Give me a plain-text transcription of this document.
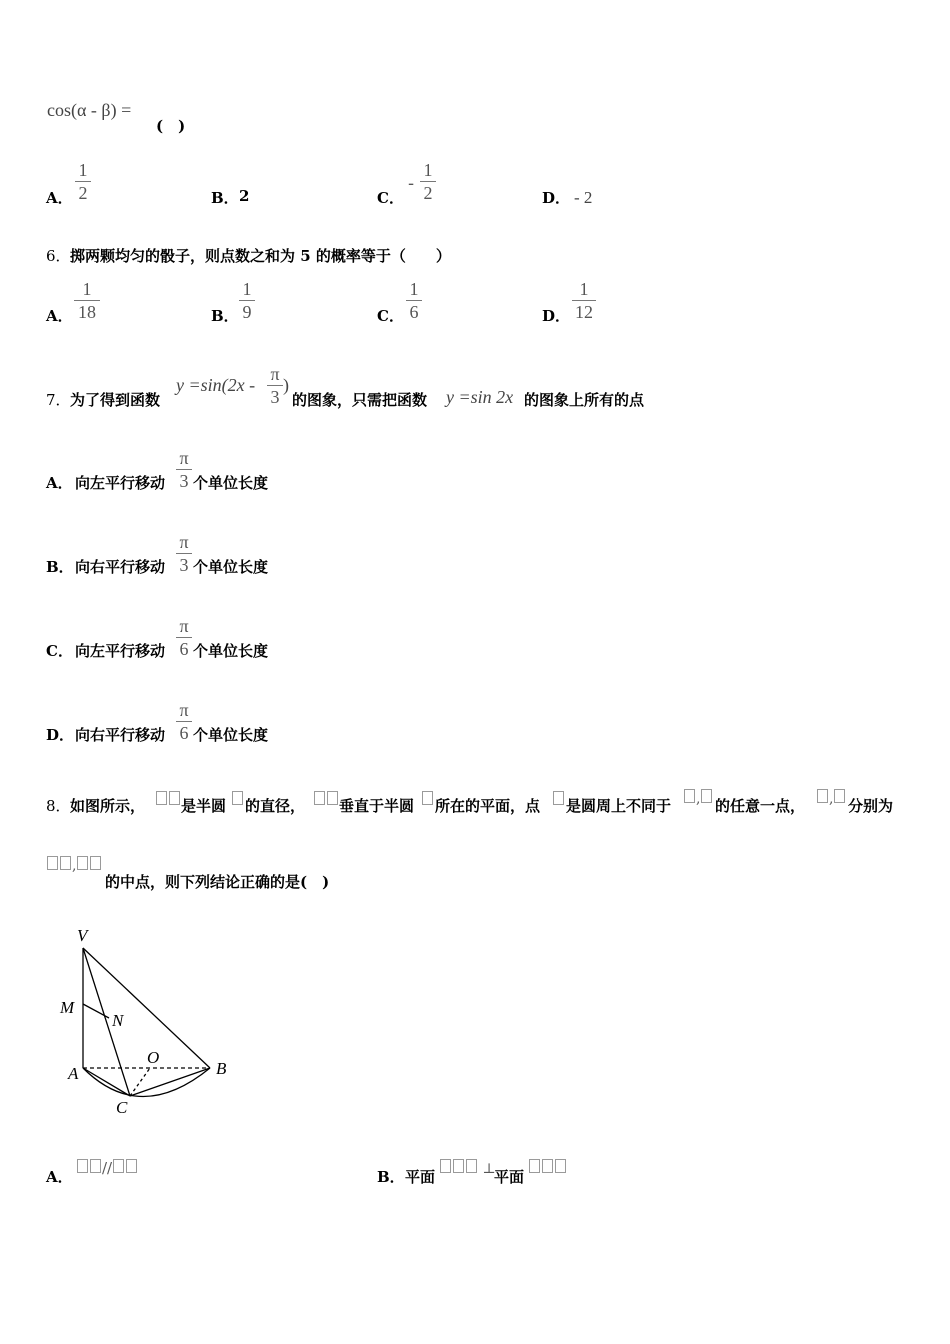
cos(α - β) =
(　)
A．
1
2	B． 2	C．
-
1
2	D． - 2
6． 掷两颗均匀的骰子，则点数之和为 5 的概率等于（　　）
A．
1
18	B．
1
9	C．
1
6	D．
1
12
7． 为了得到函数
y =sin(2x -
π
3
)
的图象，只需把函数 y =sin 2x 的图象上所有的点
A． 向左平行移动
π
3 个单位长度
B． 向右平行移动
π
3 个单位长度
C． 向左平行移动
π
6 个单位长度
D． 向右平行移动
π
6 个单位长度
8． 如图所示， 是半圆 的直径， 垂直于半圆 所在的平面，点 是圆周上不同于	, 的任意一点，	, 分别为
,
的中点，则下列结论正确的是(　)
V
M
N
O
A	B
C
A．	//	B． 平面	⊥
平面
